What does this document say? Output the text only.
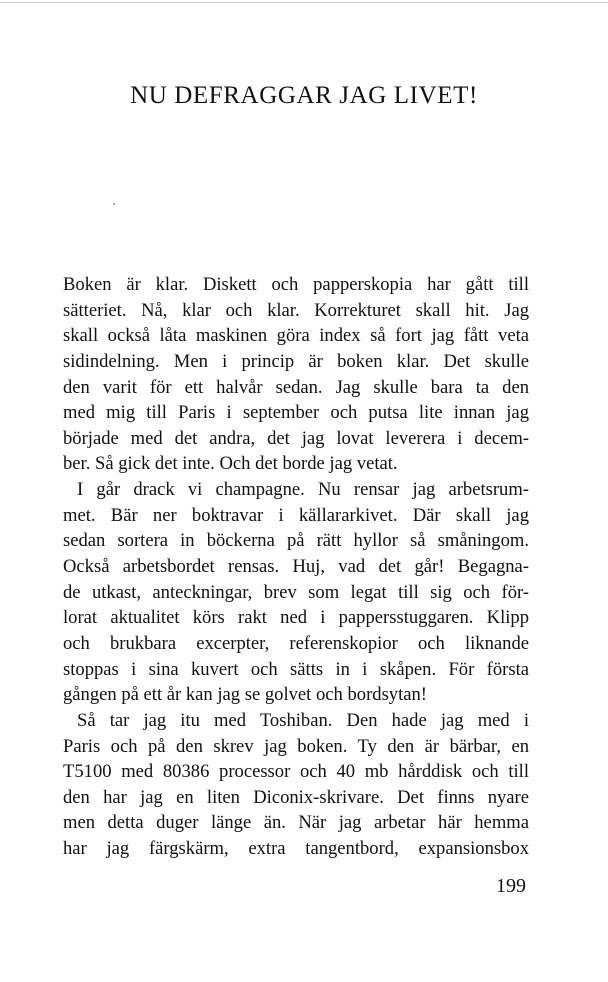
NU DEFRAGGAR JAG LIVET!
Boken är klar. Diskett och papperskopia har gått till
sätteriet. Nå, klar och klar. Korrekturet skall hit. Jag
skall också låta maskinen göra index så fort jag fått veta
sidindelning. Men i princip är boken klar. Det skulle
den varit för ett halvår sedan. Jag skulle bara ta den
med mig till Paris i september och putsa lite innan jag
började med det andra, det jag lovat leverera i decem-
ber. Så gick det inte. Och det borde jag vetat.
I går drack vi champagne. Nu rensar jag arbetsrum-
met. Bär ner boktravar i källararkivet. Där skall jag
sedan sortera in böckerna på rätt hyllor så småningom.
Också arbetsbordet rensas. Huj, vad det går! Begagna-
de utkast, anteckningar, brev som legat till sig och för-
lorat aktualitet körs rakt ned i pappersstuggaren. Klipp
och brukbara excerpter, referenskopior och liknande
stoppas i sina kuvert och sätts in i skåpen. För första
gången på ett år kan jag se golvet och bordsytan!
Så tar jag itu med Toshiban. Den hade jag med i
Paris och på den skrev jag boken. Ty den är bärbar, en
T5100 med 80386 processor och 40 mb hårddisk och till
den har jag en liten Diconix-skrivare. Det finns nyare
men detta duger länge än. När jag arbetar här hemma
har jag färgskärm, extra tangentbord, expansionsbox
199
